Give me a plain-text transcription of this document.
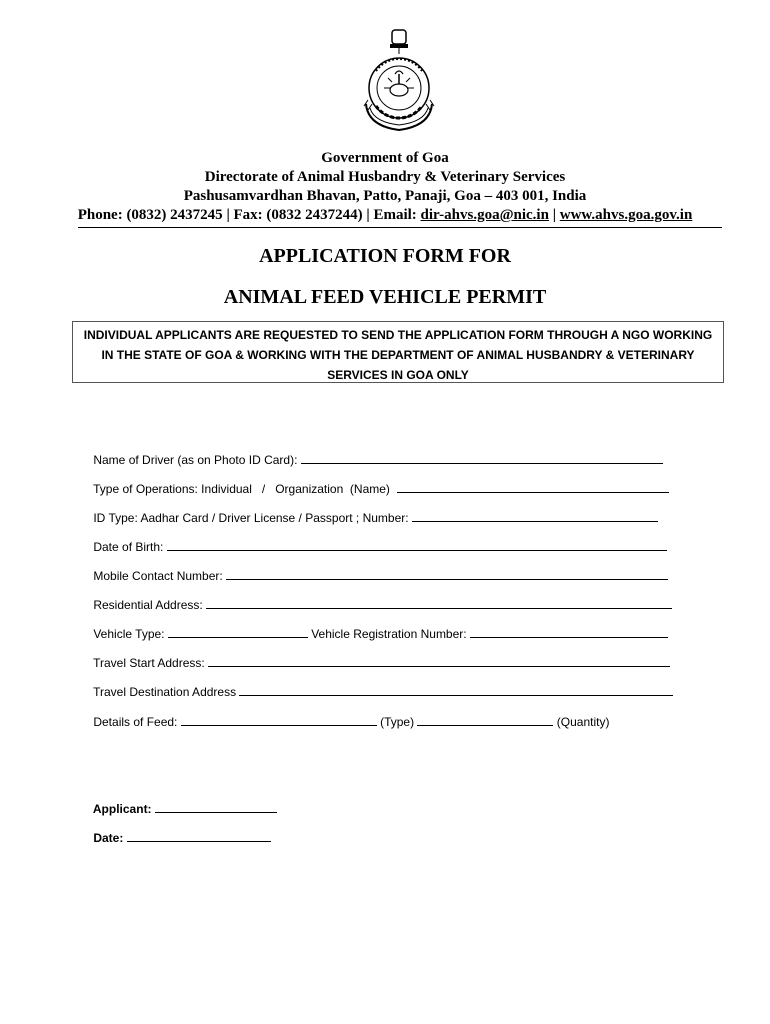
Government of Goa
Directorate of Animal Husbandry & Veterinary Services
Pashusamvardhan Bhavan, Patto, Panaji, Goa – 403 001, India
Phone: (0832) 2437245 | Fax: (0832 2437244) | Email: dir-ahvs.goa@nic.in | www.ahvs.goa.gov.in
APPLICATION FORM FOR
ANIMAL FEED VEHICLE PERMIT
INDIVIDUAL APPLICANTS ARE REQUESTED TO SEND THE APPLICATION FORM THROUGH A NGO WORKING IN THE STATE OF GOA & WORKING WITH THE DEPARTMENT OF ANIMAL HUSBANDRY & VETERINARY SERVICES IN GOA ONLY

Name of Driver (as on Photo ID Card):

Type of Operations: Individual   /   Organization  (Name)

ID Type: Aadhar Card / Driver License / Passport ; Number:

Date of Birth:

Mobile Contact Number:

Residential Address:

Vehicle Type:	Vehicle Registration Number:

Travel Start Address:

Travel Destination Address

Details of Feed:	(Type)	(Quantity)

Applicant:

Date:
